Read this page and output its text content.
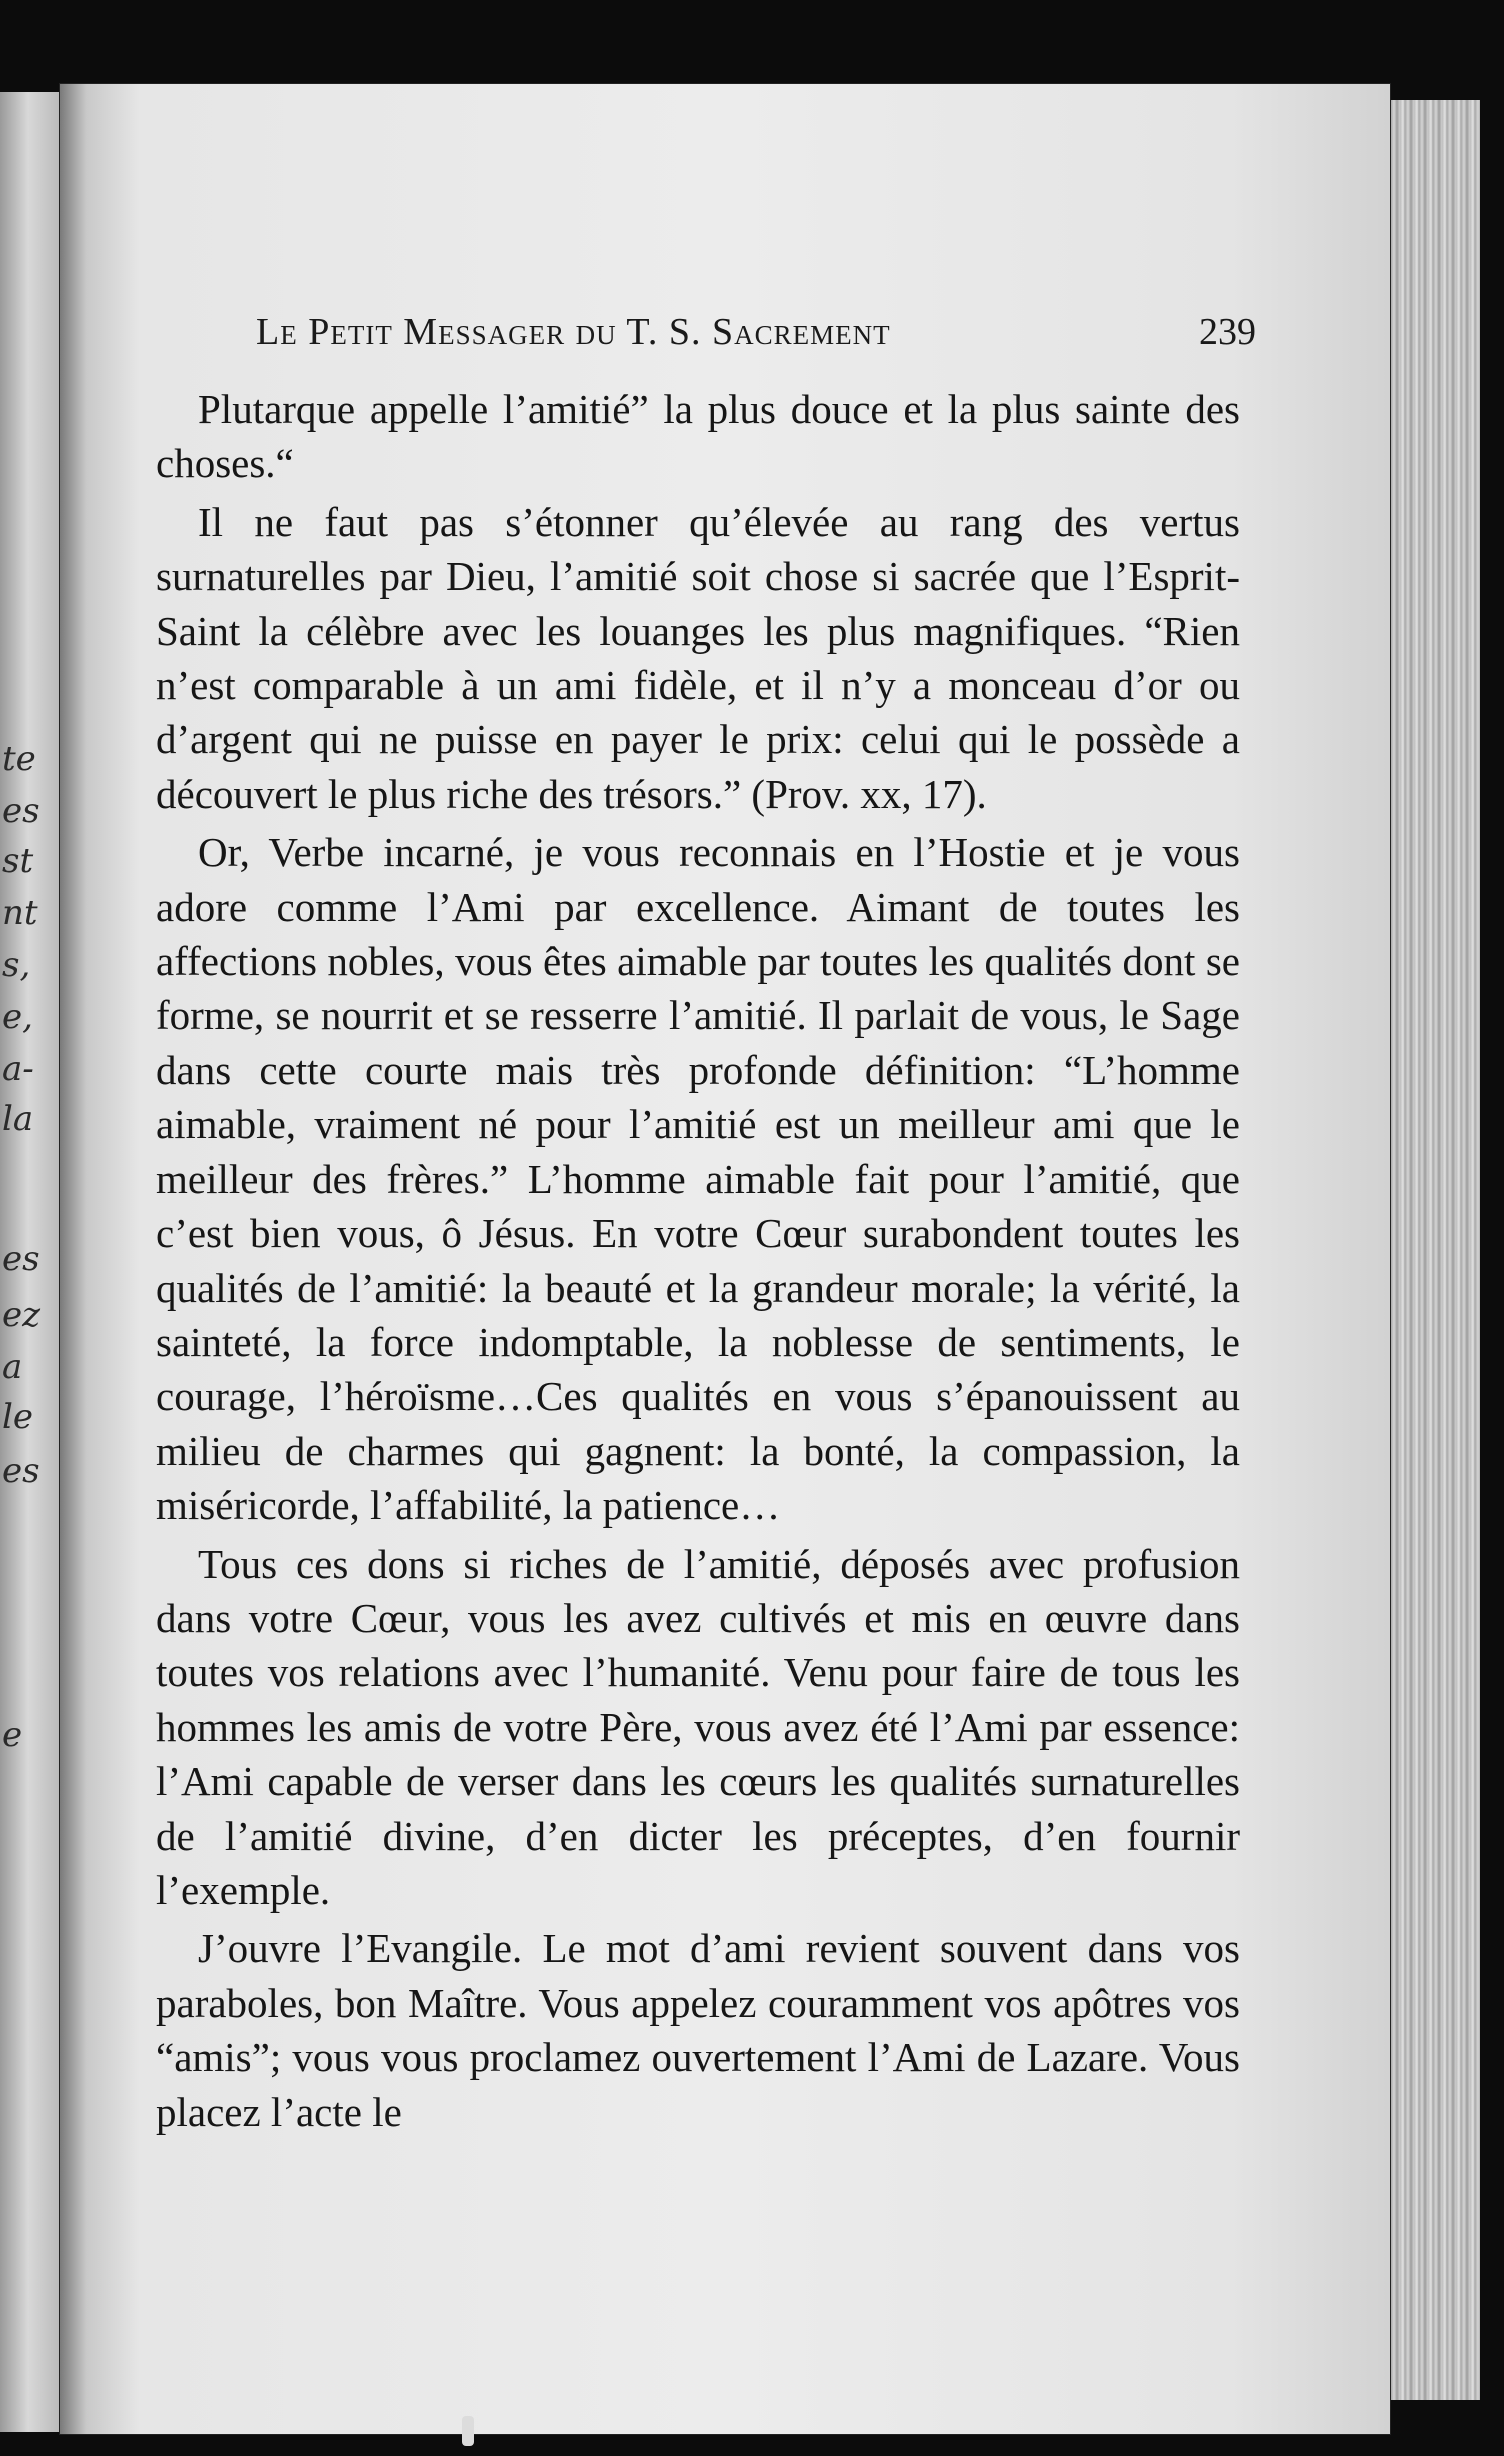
te
es
st
nt
s,
e,
a-
la
es
ez
a
le
es
e
Le Petit Messager du T. S. Sacrement	239

Plutarque appelle l’amitié” la plus douce et la plus sainte des choses.“

Il ne faut pas s’étonner qu’élevée au rang des vertus surnaturelles par Dieu, l’amitié soit chose si sacrée que l’Esprit-Saint la célèbre avec les louanges les plus magnifiques. “Rien n’est comparable à un ami fidèle, et il n’y a monceau d’or ou d’argent qui ne puisse en payer le prix: celui qui le possède a découvert le plus riche des trésors.” (Prov. xx, 17).

Or, Verbe incarné, je vous reconnais en l’Hostie et je vous adore comme l’Ami par excellence. Aimant de toutes les affections nobles, vous êtes aimable par toutes les qualités dont se forme, se nourrit et se resserre l’amitié. Il parlait de vous, le Sage dans cette courte mais très profonde définition: “L’homme aimable, vraiment né pour l’amitié est un meilleur ami que le meilleur des frères.” L’homme aimable fait pour l’amitié, que c’est bien vous, ô Jésus. En votre Cœur surabondent toutes les qualités de l’amitié: la beauté et la grandeur morale; la vérité, la sainteté, la force indomptable, la noblesse de sentiments, le courage, l’héroïsme…Ces qualités en vous s’épanouissent au milieu de charmes qui gagnent: la bonté, la compassion, la miséricorde, l’affabilité, la patience…

Tous ces dons si riches de l’amitié, déposés avec profusion dans votre Cœur, vous les avez cultivés et mis en œuvre dans toutes vos relations avec l’humanité. Venu pour faire de tous les hommes les amis de votre Père, vous avez été l’Ami par essence: l’Ami capable de verser dans les cœurs les qualités surnaturelles de l’amitié divine, d’en dicter les préceptes, d’en fournir l’exemple.

J’ouvre l’Evangile. Le mot d’ami revient souvent dans vos paraboles, bon Maître. Vous appelez couramment vos apôtres vos “amis”; vous vous proclamez ouvertement l’Ami de Lazare. Vous placez l’acte le
